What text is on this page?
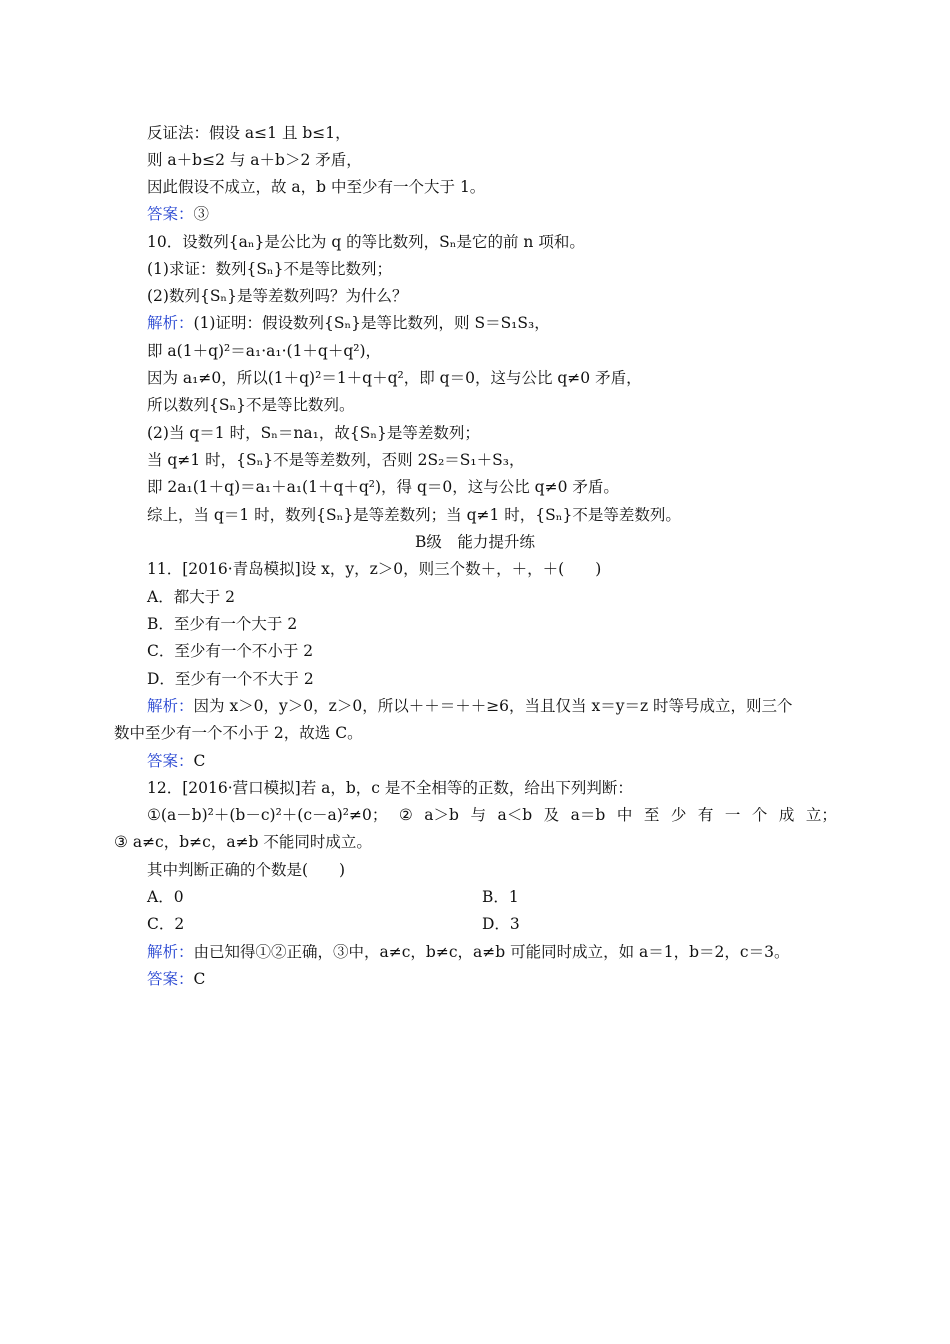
反证法：假设 a≤1 且 b≤1，
则 a＋b≤2 与 a＋b＞2 矛盾，
因此假设不成立，故 a，b 中至少有一个大于 1。
答案：③
10．设数列{aₙ}是公比为 q 的等比数列，Sₙ是它的前 n 项和。
(1)求证：数列{Sₙ}不是等比数列；
(2)数列{Sₙ}是等差数列吗？为什么？
解析：(1)证明：假设数列{Sₙ}是等比数列，则 S＝S₁S₃，
即 a(1＋q)²＝a₁·a₁·(1＋q＋q²)，
因为 a₁≠0，所以(1＋q)²＝1＋q＋q²，即 q＝0，这与公比 q≠0 矛盾，
所以数列{Sₙ}不是等比数列。
(2)当 q＝1 时，Sₙ＝na₁，故{Sₙ}是等差数列；
当 q≠1 时，{Sₙ}不是等差数列，否则 2S₂＝S₁＋S₃，
即 2a₁(1＋q)＝a₁＋a₁(1＋q＋q²)，得 q＝0，这与公比 q≠0 矛盾。
综上，当 q＝1 时，数列{Sₙ}是等差数列；当 q≠1 时，{Sₙ}不是等差数列。
B级　能力提升练
11．[2016·青岛模拟]设 x，y，z＞0，则三个数＋，＋，＋(　　)
A．都大于 2
B．至少有一个大于 2
C．至少有一个不小于 2
D．至少有一个不大于 2
解析：因为 x＞0，y＞0，z＞0，所以＋＋＝＋＋≥6，当且仅当 x＝y＝z 时等号成立，则三个
数中至少有一个不小于 2，故选 C。
答案：C
12．[2016·营口模拟]若 a，b，c 是不全相等的正数，给出下列判断：
①(a－b)²＋(b－c)²＋(c－a)²≠0； ② a＞b 与 a＜b 及 a＝b 中 至 少 有 一 个 成 立；
③ a≠c，b≠c，a≠b 不能同时成立。
其中判断正确的个数是(　　)
A．0	B．1
C．2	D．3
解析：由已知得①②正确，③中，a≠c，b≠c，a≠b 可能同时成立，如 a＝1，b＝2，c＝3。
答案：C
